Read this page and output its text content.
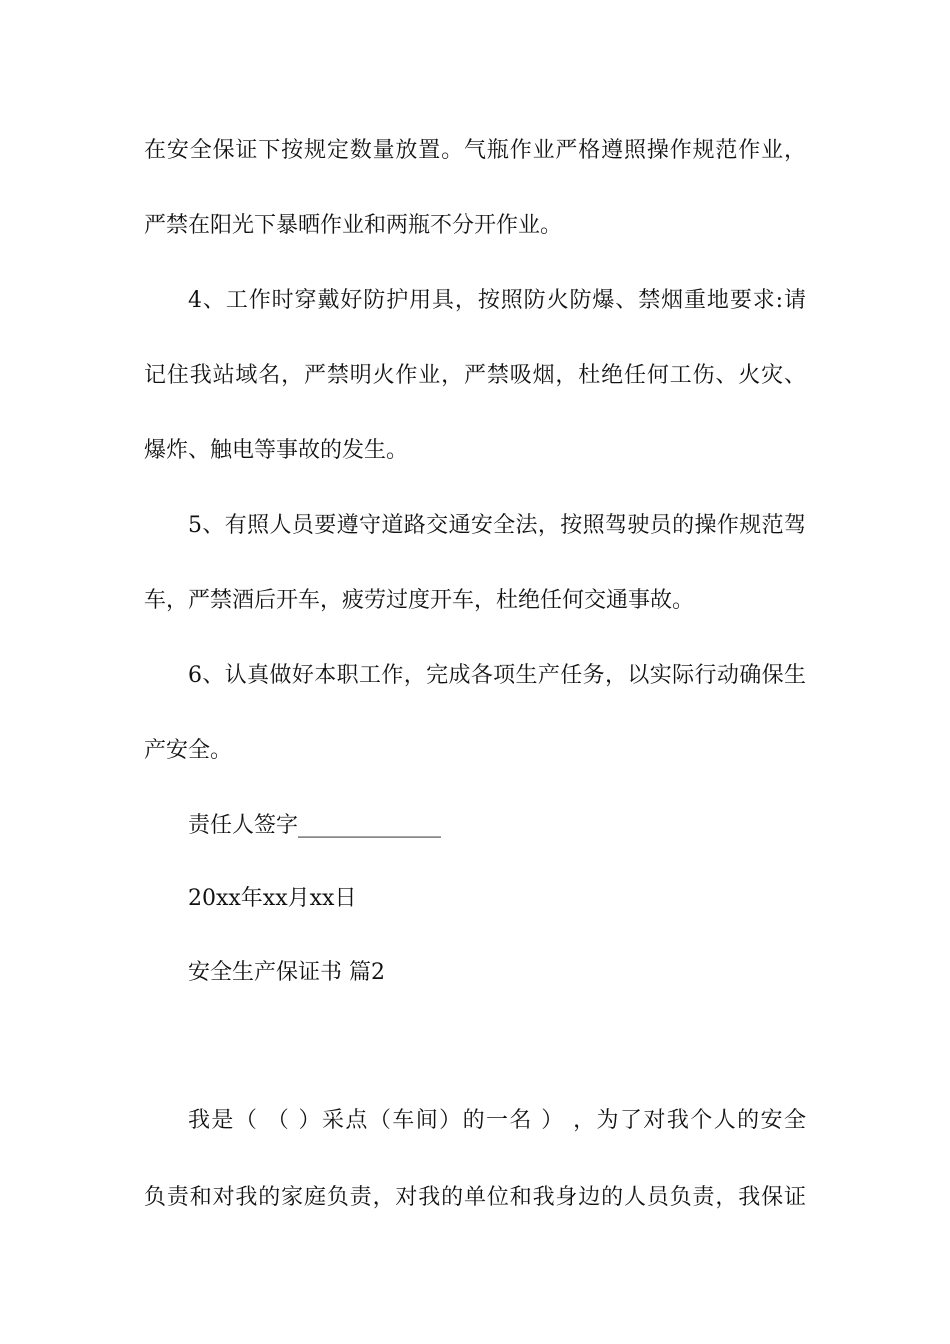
在安全保证下按规定数量放置。气瓶作业严格遵照操作规范作业，
严禁在阳光下暴晒作业和两瓶不分开作业。
4、工作时穿戴好防护用具，按照防火防爆、禁烟重地要求:请
记住我站域名，严禁明火作业，严禁吸烟，杜绝任何工伤、火灾、
爆炸、触电等事故的发生。
5、有照人员要遵守道路交通安全法，按照驾驶员的操作规范驾
车，严禁酒后开车，疲劳过度开车，杜绝任何交通事故。
6、认真做好本职工作，完成各项生产任务，以实际行动确保生
产安全。
责任人签字_____________
20xx年xx月xx日
安全生产保证书 篇2
我是（ （ ）采点（车间）的一名 ） ，为了对我个人的安全
负责和对我的家庭负责，对我的单位和我身边的人员负责，我保证
